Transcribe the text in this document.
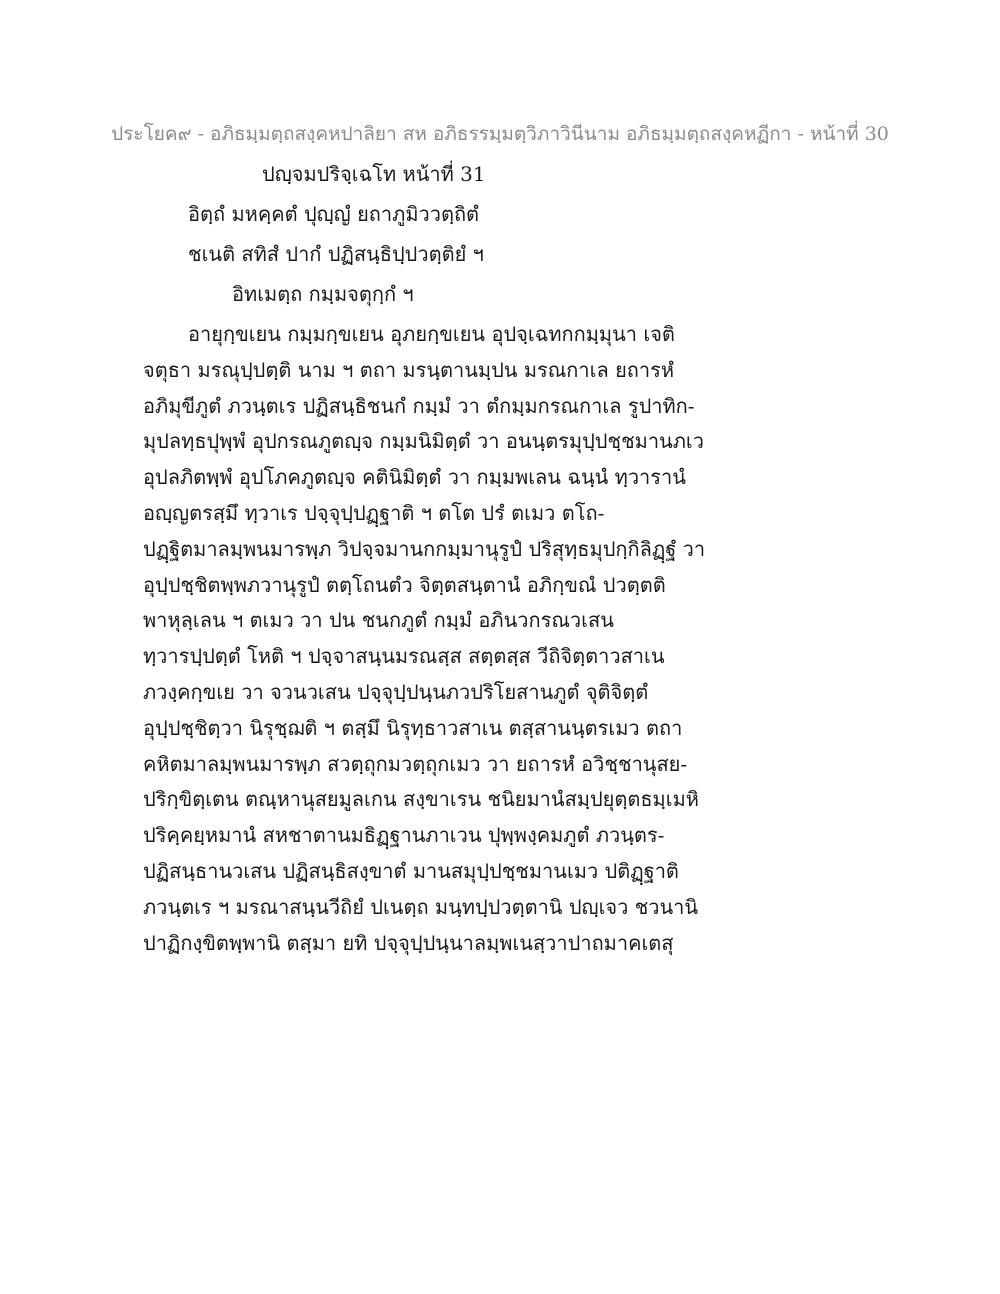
ประโยค๙ - อภิธมฺมตฺถสงฺคหปาลิยา สห อภิธรรมฺมตฺวิภาวินีนาม อภิธมฺมตฺถสงฺคหฏีกา - หน้าที่ 30
ปญฺจมปริจฺเฉโท หน้าที่ 31
อิตฺถํ มหคฺคตํ ปุญฺญํ ยถาภูมิววตฺถิตํ
ชเนติ สทิสํ ปากํ ปฏิสนฺธิปฺปวตฺติยํ ฯ
อิทเมตฺถ กมฺมจตุกฺกํ ฯ
อายุกฺขเยน กมฺมกฺขเยน อุภยกฺขเยน อุปจฺเฉทกกมฺมุนา เจติ
จตุธา มรณุปฺปตฺติ นาม ฯ ตถา มรนฺตานมฺปน มรณกาเล ยถารหํ
อภิมุขีภูตํ ภวนฺตเร ปฏิสนฺธิชนกํ กมฺมํ วา ตํกมฺมกรณกาเล รูปาทิก-
มุปลทฺธปุพฺพํ อุปกรณภูตญฺจ กมฺมนิมิตฺตํ วา อนนฺตรมุปฺปชฺชมานภเว
อุปลภิตพฺพํ อุปโภคภูตญฺจ คตินิมิตฺตํ วา กมฺมพเลน ฉนฺนํ ทฺวารานํ
อญฺญตรสฺมึ ทฺวาเร ปจฺจุปฺปฏฺฐาติ ฯ ตโต ปรํ ตเมว ตโถ-
ปฏฺฐิตมาลมฺพนมารพฺภ วิปจฺจมานกกมฺมานุรูปํ ปริสุทฺธมุปกฺกิลิฏฺฐํ วา
อุปฺปชฺชิตพฺพภวานุรูปํ ตตฺโถนตํว จิตฺตสนฺตานํ อภิกฺขณํ ปวตฺตติ
พาหุลฺเลน ฯ ตเมว วา ปน ชนกภูตํ กมฺมํ อภินวกรณวเสน
ทฺวารปฺปตฺตํ โหติ ฯ ปจฺจาสนฺนมรณสฺส สตฺตสฺส วีถิจิตฺตาวสาเน
ภวงฺคกฺขเย วา จวนวเสน ปจฺจุปฺปนฺนภวปริโยสานภูตํ จุติจิตฺตํ
อุปฺปชฺชิตฺวา นิรุชฺฌติ ฯ ตสฺมึ นิรุทฺธาวสาเน ตสฺสานนฺตรเมว ตถา
คหิตมาลมฺพนมารพฺภ สวตฺถุกมวตฺถุกเมว วา ยถารหํ อวิชฺชานุสย-
ปริกฺขิตฺเตน ตณฺหานุสยมูลเกน สงฺขาเรน ชนิยมานํสมฺปยุตฺตธมฺเมหิ
ปริคฺคยฺหมานํ สหชาตานมธิฏฺฐานภาเวน ปุพฺพงฺคมภูตํ ภวนฺตร-
ปฏิสนฺธานวเสน ปฏิสนฺธิสงฺขาตํ มานสมุปฺปชฺชมานเมว ปติฏฺฐาติ
ภวนฺตเร ฯ มรณาสนฺนวีถิยํ ปเนตฺถ มนฺทปฺปวตฺตานิ ปญฺเจว ชวนานิ
ปาฏิกงฺขิตพฺพานิ ตสฺมา ยทิ ปจฺจุปฺปนฺนาลมฺพเนสฺวาปาถมาคเตสุ
